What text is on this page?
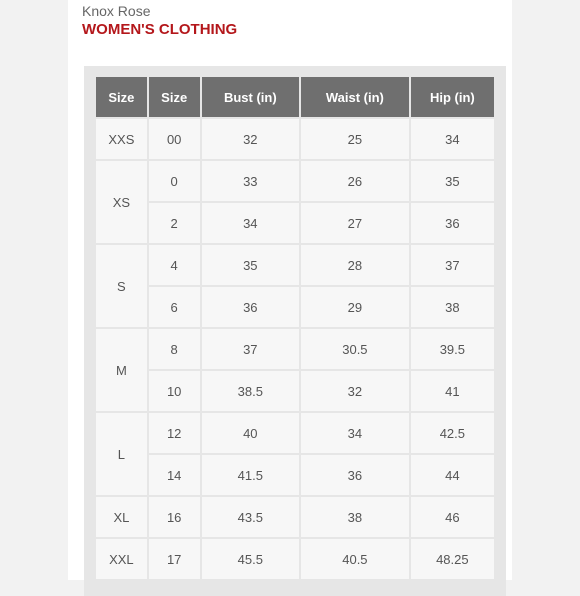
Knox Rose
WOMEN'S CLOTHING
Size	Size	Bust (in)	Waist (in)	Hip (in)
XXS	00	32	25	34
XS	0	33	26	35
	2	34	27	36
S	4	35	28	37
	6	36	29	38
M	8	37	30.5	39.5
	10	38.5	32	41
L	12	40	34	42.5
	14	41.5	36	44
XL	16	43.5	38	46
XXL	17	45.5	40.5	48.25
